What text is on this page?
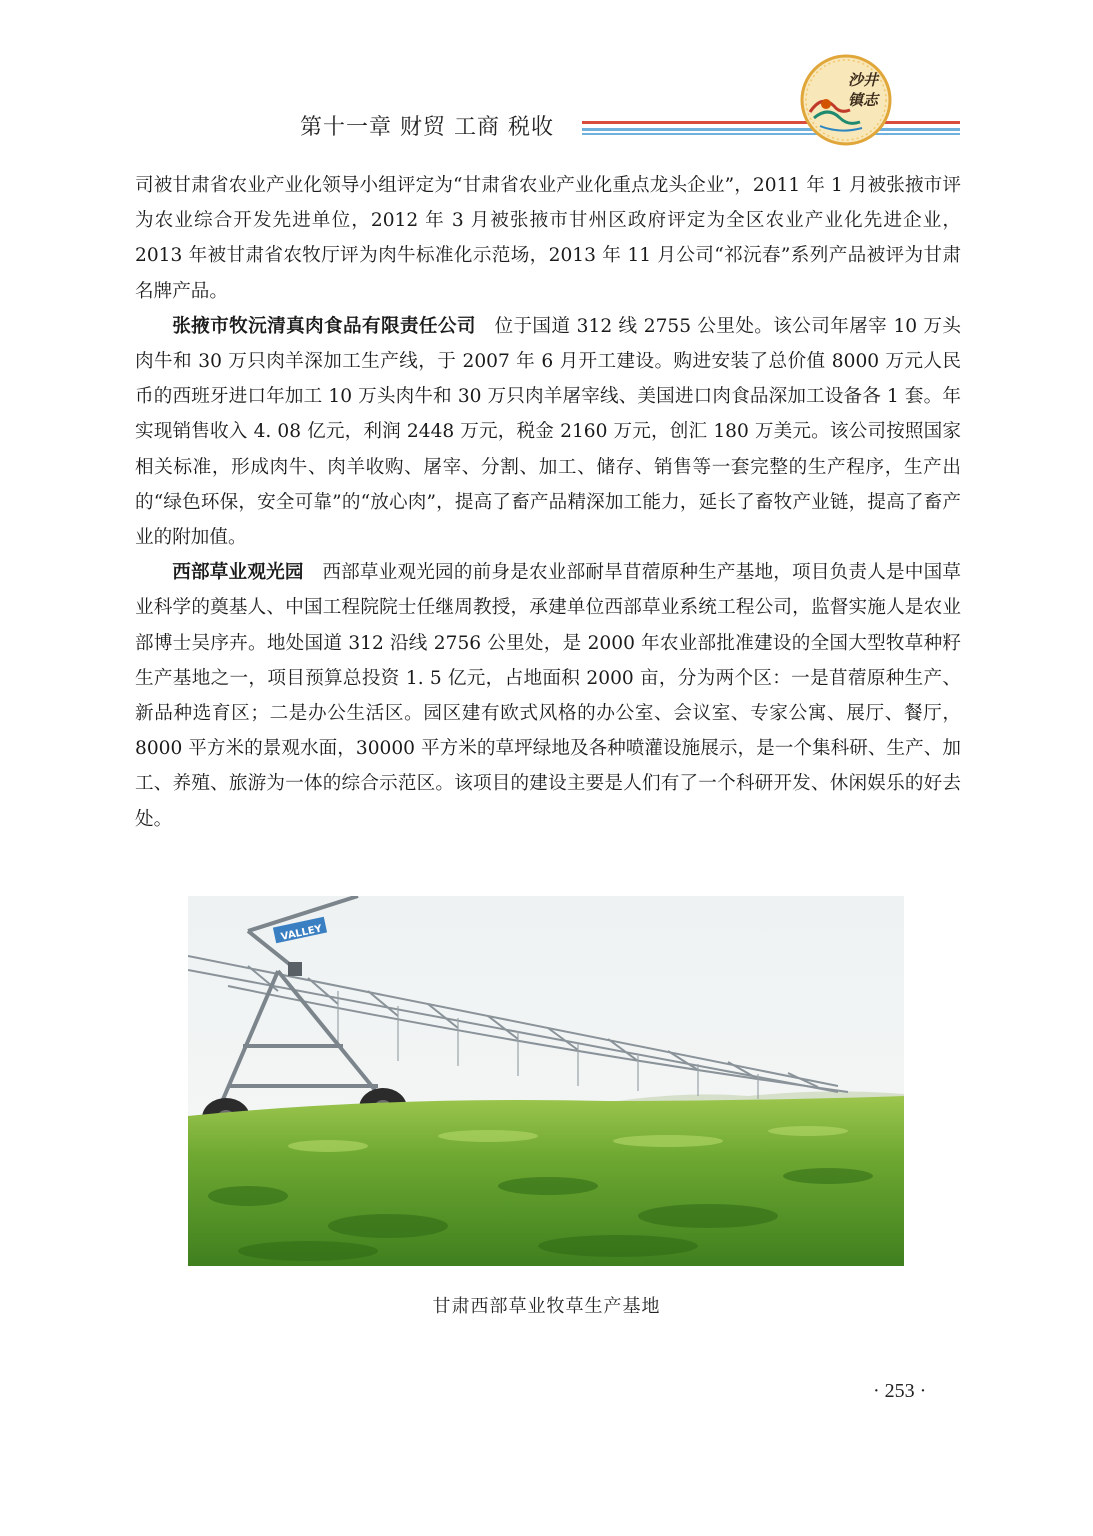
第十一章 财贸 工商 税收
沙井
镇志

司被甘肃省农业产业化领导小组评定为“甘肃省农业产业化重点龙头企业”，2011 年 1 月被张掖市评为农业综合开发先进单位，2012 年 3 月被张掖市甘州区政府评定为全区农业产业化先进企业，2013 年被甘肃省农牧厅评为肉牛标准化示范场，2013 年 11 月公司“祁沅春”系列产品被评为甘肃名牌产品。

张掖市牧沅清真肉食品有限责任公司 位于国道 312 线 2755 公里处。该公司年屠宰 10 万头肉牛和 30 万只肉羊深加工生产线，于 2007 年 6 月开工建设。购进安装了总价值 8000 万元人民币的西班牙进口年加工 10 万头肉牛和 30 万只肉羊屠宰线、美国进口肉食品深加工设备各 1 套。年实现销售收入 4. 08 亿元，利润 2448 万元，税金 2160 万元，创汇 180 万美元。该公司按照国家相关标准，形成肉牛、肉羊收购、屠宰、分割、加工、储存、销售等一套完整的生产程序，生产出的“绿色环保，安全可靠”的“放心肉”，提高了畜产品精深加工能力，延长了畜牧产业链，提高了畜产业的附加值。

西部草业观光园 西部草业观光园的前身是农业部耐旱苜蓿原种生产基地，项目负责人是中国草业科学的奠基人、中国工程院院士任继周教授，承建单位西部草业系统工程公司，监督实施人是农业部博士吴序卉。地处国道 312 沿线 2756 公里处，是 2000 年农业部批准建设的全国大型牧草种籽生产基地之一，项目预算总投资 1. 5 亿元，占地面积 2000 亩，分为两个区：一是苜蓿原种生产、新品种选育区；二是办公生活区。园区建有欧式风格的办公室、会议室、专家公寓、展厅、餐厅，8000 平方米的景观水面，30000 平方米的草坪绿地及各种喷灌设施展示，是一个集科研、生产、加工、养殖、旅游为一体的综合示范区。该项目的建设主要是人们有了一个科研开发、休闲娱乐的好去处。

VALLEY
甘肃西部草业牧草生产基地
· 253 ·
